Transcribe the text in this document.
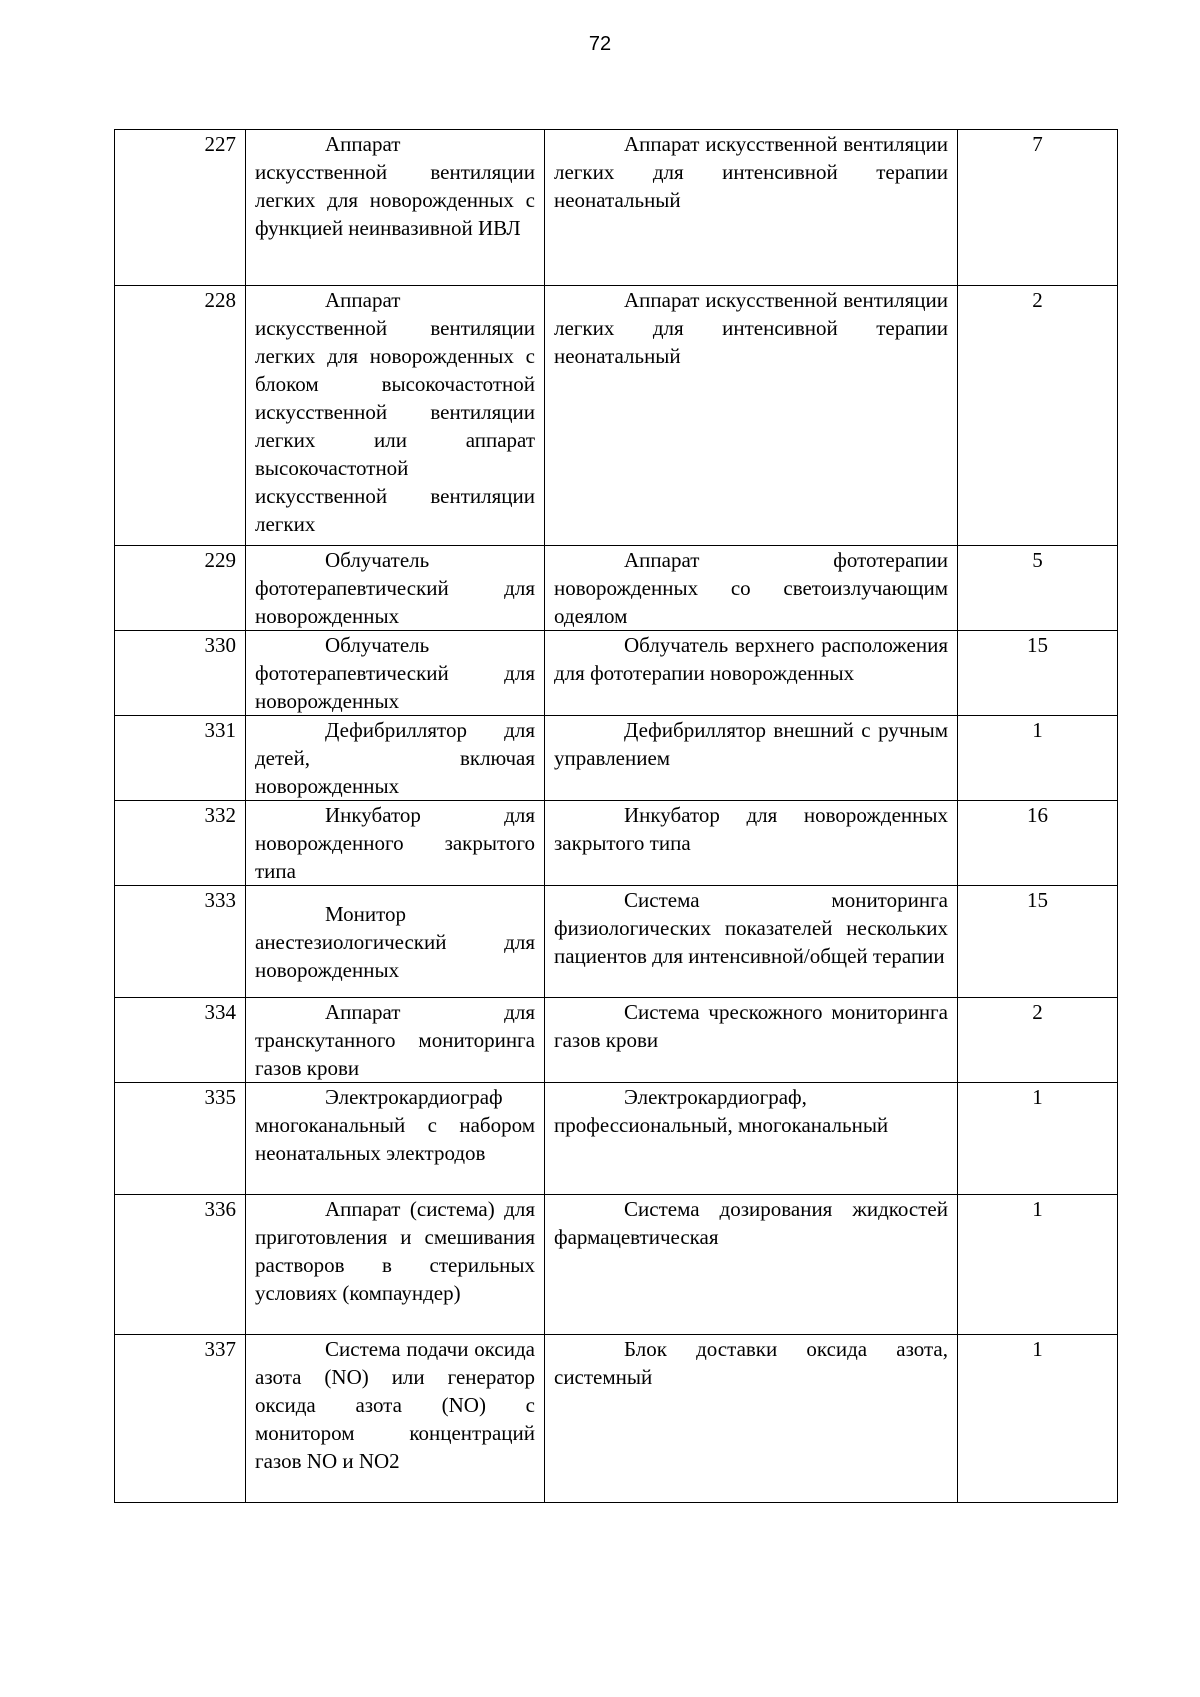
72
227	Аппарат искусственной вентиляции легких для новорожденных с функцией неинвазивной ИВЛ	Аппарат искусственной вентиляции легких для интенсивной терапии неонатальный	7
228	Аппарат искусственной вентиляции легких для новорожденных с блоком высокочастотной искусственной вентиляции легких или аппарат высокочастотной искусственной вентиляции легких	Аппарат искусственной вентиляции легких для интенсивной терапии неонатальный	2
229	Облучатель фототерапевтический для новорожденных	Аппарат фототерапии новорожденных со светоизлучающим одеялом	5
330	Облучатель фототерапевтический для новорожденных	Облучатель верхнего расположения для фототерапии новорожденных	15
331	Дефибриллятор для детей, включая новорожденных	Дефибриллятор внешний с ручным управлением	1
332	Инкубатор для новорожденного закрытого типа	Инкубатор для новорожденных закрытого типа	16
333	Монитор анестезиологический для новорожденных	Система мониторинга физиологических показателей нескольких пациентов для интенсивной/общей терапии	15
334	Аппарат для транскутанного мониторинга газов крови	Система чрескожного мониторинга газов крови	2
335	Электрокардиограф многоканальный с набором неонатальных электродов	Электрокардиограф, профессиональный, многоканальный	1
336	Аппарат (система) для приготовления и смешивания растворов в стерильных условиях (компаундер)	Система дозирования жидкостей фармацевтическая	1
337	Система подачи оксида азота (NO) или генератор оксида азота (NO) с монитором концентраций газов NO и NO2	Блок доставки оксида азота, системный	1
